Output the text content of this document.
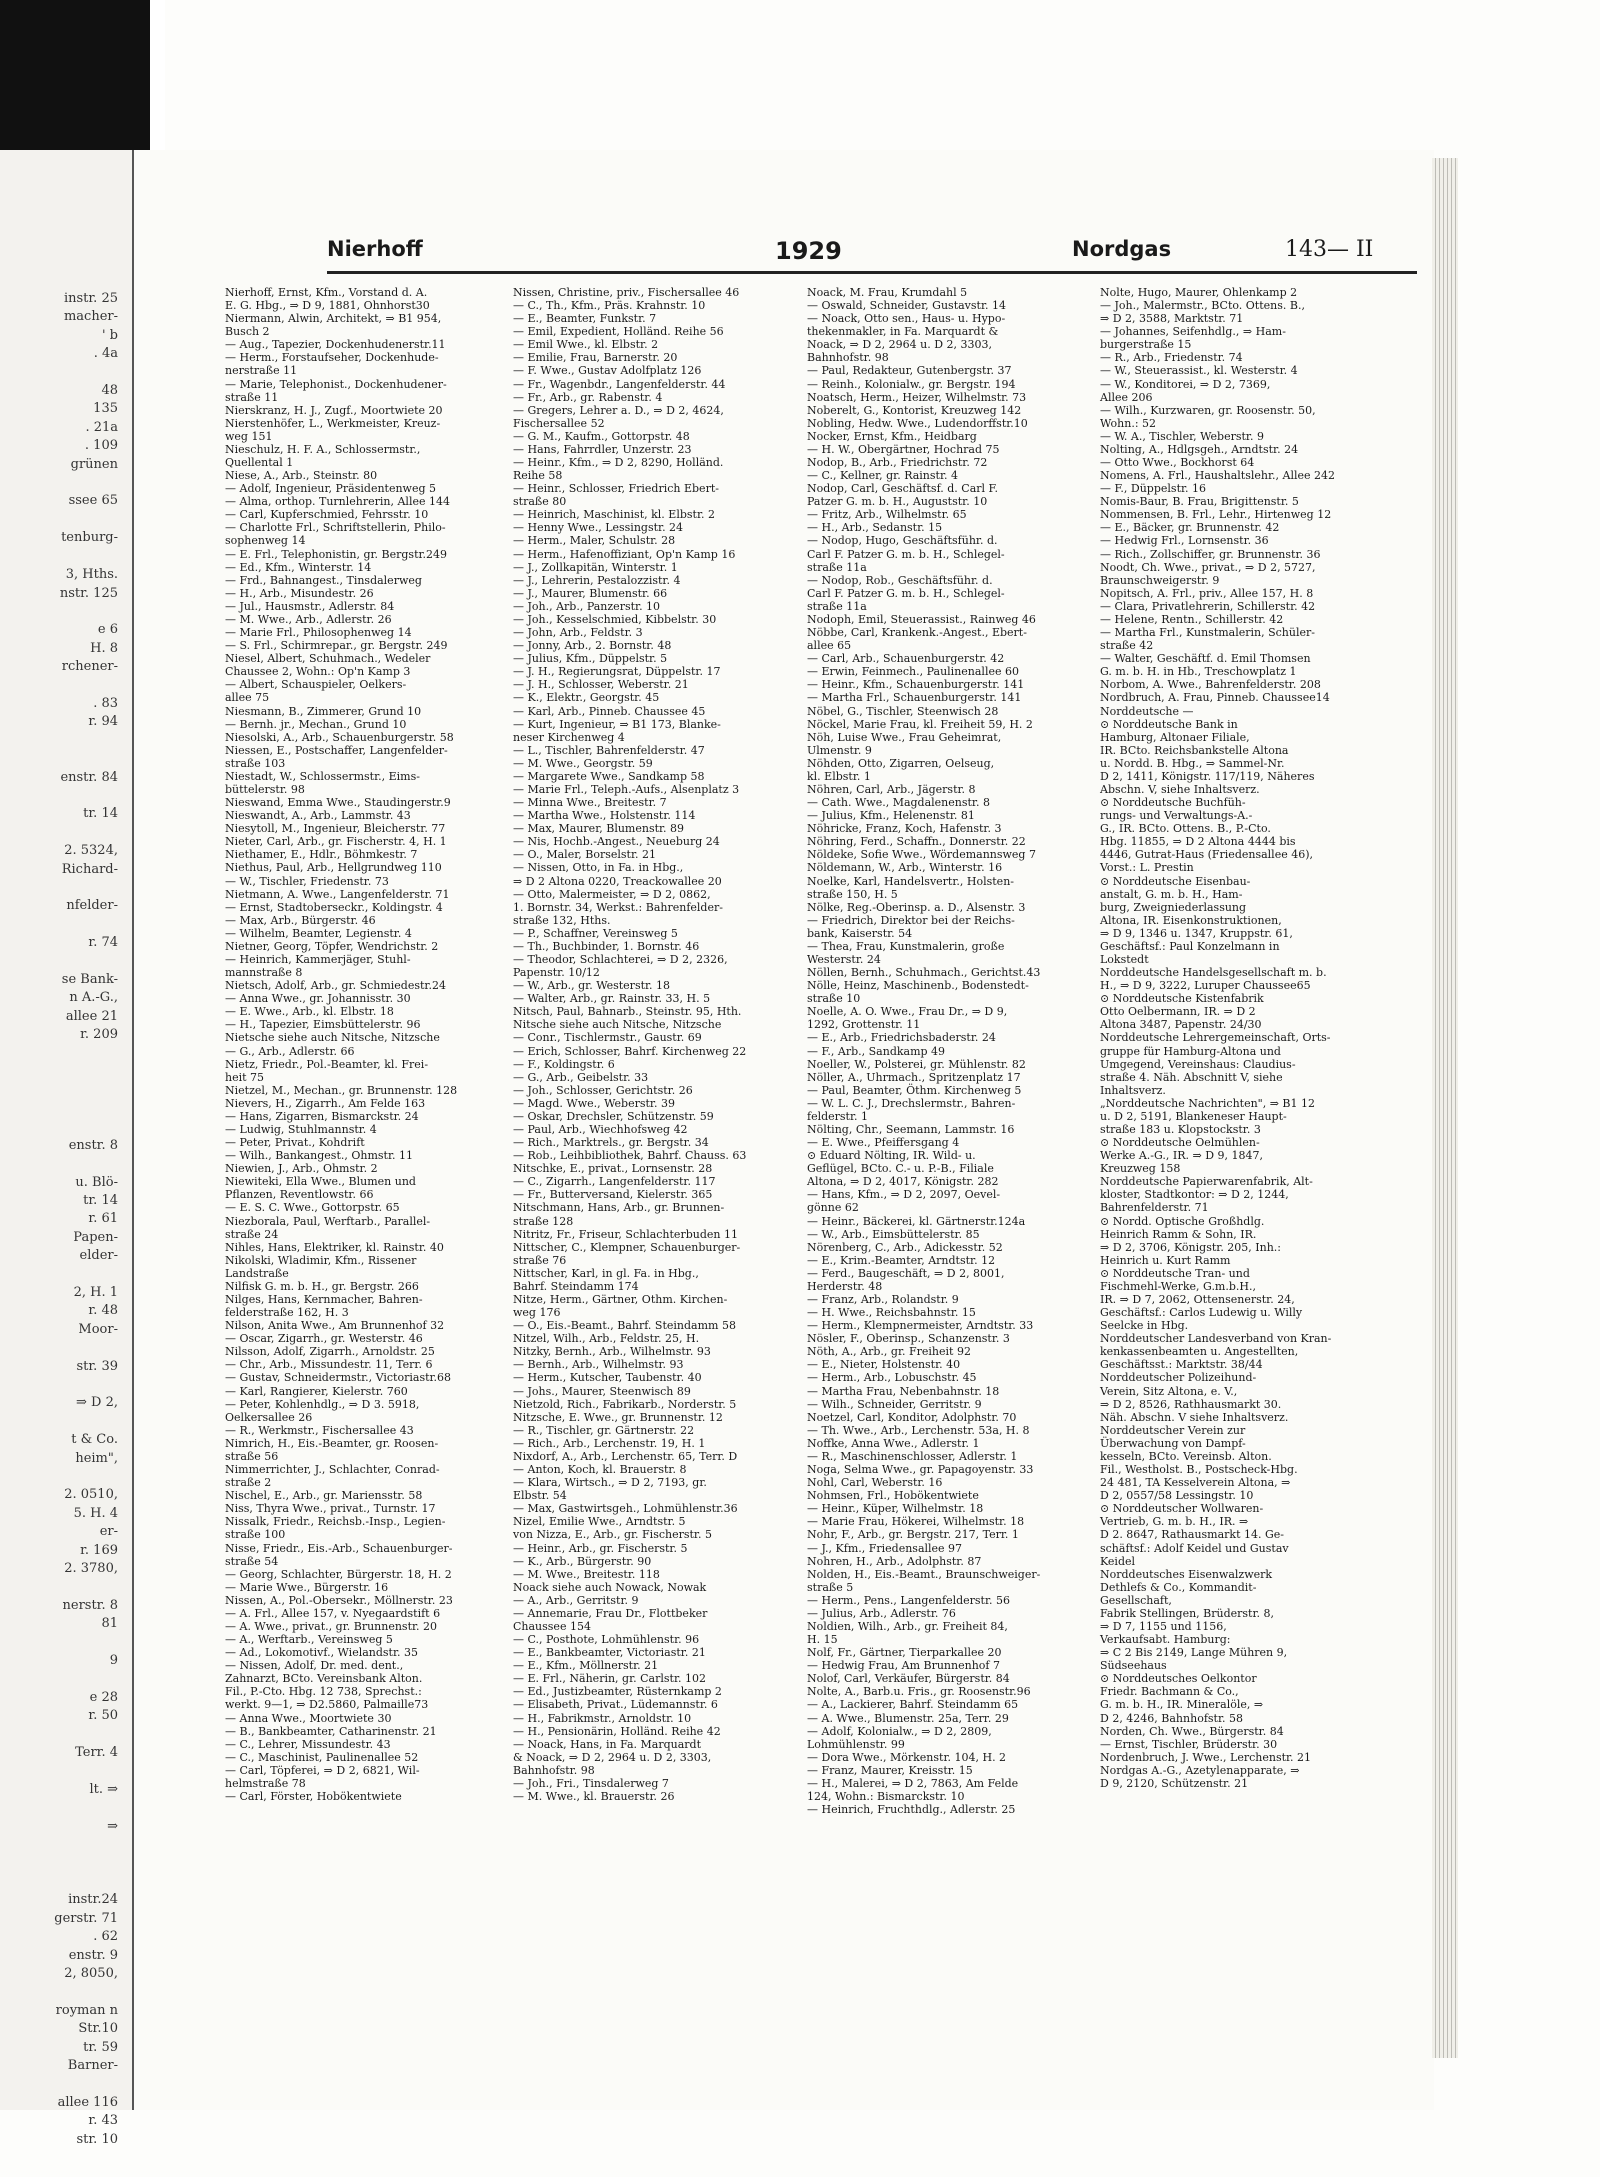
instr. 25
macher-
' b
. 4a

48
135
. 21a
. 109
grünen

ssee 65

tenburg-

3, Hths.
nstr. 125

e 6
H. 8
rchener-

. 83
r. 94

enstr. 84

tr. 14

2. 5324,
Richard-

nfelder-

r. 74

se Bank-
n A.-G.,
allee 21
r. 209

enstr. 8

u. Blö-
tr. 14
r. 61
Papen-
elder-

2, H. 1
r. 48
Moor-

str. 39

⇒ D 2,

t & Co.
heim",

2. 0510,
5. H. 4
er-
r. 169
2. 3780,

nerstr. 8
81

9

e 28
r. 50

Terr. 4

lt. ⇒

⇒

instr.24
gerstr. 71
. 62
enstr. 9
2, 8050,

royman n
Str.10
tr. 59
Barner-

allee 116
r. 43
str. 10
Nierhoff	1929	Nordgas	143— II
Nierhoff, Ernst, Kfm., Vorstand d. A.
E. G. Hbg., ⇒ D 9, 1881, Ohnhorst30
Niermann, Alwin, Architekt, ⇒ B1 954,
Busch 2
— Aug., Tapezier, Dockenhudenerstr.11
— Herm., Forstaufseher, Dockenhude-
nerstraße 11
— Marie, Telephonist., Dockenhudener-
straße 11
Nierskranz, H. J., Zugf., Moortwiete 20
Nierstenhöfer, L., Werkmeister, Kreuz-
weg 151
Nieschulz, H. F. A., Schlossermstr.,
Quellental 1
Niese, A., Arb., Steinstr. 80
— Adolf, Ingenieur, Präsidentenweg 5
— Alma, orthop. Turnlehrerin, Allee 144
— Carl, Kupferschmied, Fehrsstr. 10
— Charlotte Frl., Schriftstellerin, Philo-
sophenweg 14
— E. Frl., Telephonistin, gr. Bergstr.249
— Ed., Kfm., Winterstr. 14
— Frd., Bahnangest., Tinsdalerweg
— H., Arb., Misundestr. 26
— Jul., Hausmstr., Adlerstr. 84
— M. Wwe., Arb., Adlerstr. 26
— Marie Frl., Philosophenweg 14
— S. Frl., Schirmrepar., gr. Bergstr. 249
Niesel, Albert, Schuhmach., Wedeler
Chaussee 2, Wohn.: Op'n Kamp 3
— Albert, Schauspieler, Oelkers-
allee 75
Niesmann, B., Zimmerer, Grund 10
— Bernh. jr., Mechan., Grund 10
Niesolski, A., Arb., Schauenburgerstr. 58
Niessen, E., Postschaffer, Langenfelder-
straße 103
Niestadt, W., Schlossermstr., Eims-
büttelerstr. 98
Nieswand, Emma Wwe., Staudingerstr.9
Nieswandt, A., Arb., Lammstr. 43
Niesytoll, M., Ingenieur, Bleicherstr. 77
Nieter, Carl, Arb., gr. Fischerstr. 4, H. 1
Niethamer, E., Hdlr., Böhmkestr. 7
Niethus, Paul, Arb., Hellgrundweg 110
— W., Tischler, Friedenstr. 73
Nietmann, A. Wwe., Langenfelderstr. 71
— Ernst, Stadtoberseckr., Koldingstr. 4
— Max, Arb., Bürgerstr. 46
— Wilhelm, Beamter, Legienstr. 4
Nietner, Georg, Töpfer, Wendrichstr. 2
— Heinrich, Kammerjäger, Stuhl-
mannstraße 8
Nietsch, Adolf, Arb., gr. Schmiedestr.24
— Anna Wwe., gr. Johannisstr. 30
— E. Wwe., Arb., kl. Elbstr. 18
— H., Tapezier, Eimsbüttelerstr. 96
Nietsche siehe auch Nitsche, Nitzsche
— G., Arb., Adlerstr. 66
Nietz, Friedr., Pol.-Beamter, kl. Frei-
heit 75
Nietzel, M., Mechan., gr. Brunnenstr. 128
Nievers, H., Zigarrh., Am Felde 163
— Hans, Zigarren, Bismarckstr. 24
— Ludwig, Stuhlmannstr. 4
— Peter, Privat., Kohdrift
— Wilh., Bankangest., Ohmstr. 11
Niewien, J., Arb., Ohmstr. 2
Niewiteki, Ella Wwe., Blumen und
Pflanzen, Reventlowstr. 66
— E. S. C. Wwe., Gottorpstr. 65
Niezborala, Paul, Werftarb., Parallel-
straße 24
Nihles, Hans, Elektriker, kl. Rainstr. 40
Nikolski, Wladimir, Kfm., Rissener
Landstraße
Nilfisk G. m. b. H., gr. Bergstr. 266
Nilges, Hans, Kernmacher, Bahren-
felderstraße 162, H. 3
Nilson, Anita Wwe., Am Brunnenhof 32
— Oscar, Zigarrh., gr. Westerstr. 46
Nilsson, Adolf, Zigarrh., Arnoldstr. 25
— Chr., Arb., Missundestr. 11, Terr. 6
— Gustav, Schneidermstr., Victoriastr.68
— Karl, Rangierer, Kielerstr. 760
— Peter, Kohlenhdlg., ⇒ D 3. 5918,
Oelkersallee 26
— R., Werkmstr., Fischersallee 43
Nimrich, H., Eis.-Beamter, gr. Roosen-
straße 56
Nimmerrichter, J., Schlachter, Conrad-
straße 2
Nischel, E., Arb., gr. Mariensstr. 58
Niss, Thyra Wwe., privat., Turnstr. 17
Nissalk, Friedr., Reichsb.-Insp., Legien-
straße 100
Nisse, Friedr., Eis.-Arb., Schauenburger-
straße 54
— Georg, Schlachter, Bürgerstr. 18, H. 2
— Marie Wwe., Bürgerstr. 16
Nissen, A., Pol.-Obersekr., Möllnerstr. 23
— A. Frl., Allee 157, v. Nyegaardstift 6
— A. Wwe., privat., gr. Brunnenstr. 20
— A., Werftarb., Vereinsweg 5
— Ad., Lokomotivf., Wielandstr. 35
— Nissen, Adolf, Dr. med. dent.,
Zahnarzt, BCto. Vereinsbank Alton.
Fil., P.-Cto. Hbg. 12 738, Sprechst.:
werkt. 9—1, ⇒ D2.5860, Palmaille73
— Anna Wwe., Moortwiete 30
— B., Bankbeamter, Catharinenstr. 21
— C., Lehrer, Missundestr. 43
— C., Maschinist, Paulinenallee 52
— Carl, Töpferei, ⇒ D 2, 6821, Wil-
helmstraße 78
— Carl, Förster, Hobökentwiete
Nissen, Christine, priv., Fischersallee 46
— C., Th., Kfm., Präs. Krahnstr. 10
— E., Beamter, Funkstr. 7
— Emil, Expedient, Holländ. Reihe 56
— Emil Wwe., kl. Elbstr. 2
— Emilie, Frau, Barnerstr. 20
— F. Wwe., Gustav Adolfplatz 126
— Fr., Wagenbdr., Langenfelderstr. 44
— Fr., Arb., gr. Rabenstr. 4
— Gregers, Lehrer a. D., ⇒ D 2, 4624,
Fischersallee 52
— G. M., Kaufm., Gottorpstr. 48
— Hans, Fahrrdler, Unzerstr. 23
— Heinr., Kfm., ⇒ D 2, 8290, Holländ.
Reihe 58
— Heinr., Schlosser, Friedrich Ebert-
straße 80
— Heinrich, Maschinist, kl. Elbstr. 2
— Henny Wwe., Lessingstr. 24
— Herm., Maler, Schulstr. 28
— Herm., Hafenoffiziant, Op'n Kamp 16
— J., Zollkapitän, Winterstr. 1
— J., Lehrerin, Pestalozzistr. 4
— J., Maurer, Blumenstr. 66
— Joh., Arb., Panzerstr. 10
— Joh., Kesselschmied, Kibbelstr. 30
— John, Arb., Feldstr. 3
— Jonny, Arb., 2. Bornstr. 48
— Julius, Kfm., Düppelstr. 5
— J. H., Regierungsrat, Düppelstr. 17
— J. H., Schlosser, Weberstr. 21
— K., Elektr., Georgstr. 45
— Karl, Arb., Pinneb. Chaussee 45
— Kurt, Ingenieur, ⇒ B1 173, Blanke-
neser Kirchenweg 4
— L., Tischler, Bahrenfelderstr. 47
— M. Wwe., Georgstr. 59
— Margarete Wwe., Sandkamp 58
— Marie Frl., Teleph.-Aufs., Alsenplatz 3
— Minna Wwe., Breitestr. 7
— Martha Wwe., Holstenstr. 114
— Max, Maurer, Blumenstr. 89
— Nis, Hochb.-Angest., Neueburg 24
— O., Maler, Borselstr. 21
— Nissen, Otto, in Fa. in Hbg.,
⇒ D 2 Altona 0220, Treackowallee 20
— Otto, Malermeister, ⇒ D 2, 0862,
1. Bornstr. 34, Werkst.: Bahrenfelder-
straße 132, Hths.
— P., Schaffner, Vereinsweg 5
— Th., Buchbinder, 1. Bornstr. 46
— Theodor, Schlachterei, ⇒ D 2, 2326,
Papenstr. 10/12
— W., Arb., gr. Westerstr. 18
— Walter, Arb., gr. Rainstr. 33, H. 5
Nitsch, Paul, Bahnarb., Steinstr. 95, Hth.
Nitsche siehe auch Nitsche, Nitzsche
— Conr., Tischlermstr., Gaustr. 69
— Erich, Schlosser, Bahrf. Kirchenweg 22
— F., Koldingstr. 6
— G., Arb., Geibelstr. 33
— Joh., Schlosser, Gerichtstr. 26
— Magd. Wwe., Weberstr. 39
— Oskar, Drechsler, Schützenstr. 59
— Paul, Arb., Wiechhofsweg 42
— Rich., Marktrels., gr. Bergstr. 34
— Rob., Leihbibliothek, Bahrf. Chauss. 63
Nitschke, E., privat., Lornsenstr. 28
— C., Zigarrh., Langenfelderstr. 117
— Fr., Butterversand, Kielerstr. 365
Nitschmann, Hans, Arb., gr. Brunnen-
straße 128
Nitritz, Fr., Friseur, Schlachterbuden 11
Nittscher, C., Klempner, Schauenburger-
straße 76
Nittscher, Karl, in gl. Fa. in Hbg.,
Bahrf. Steindamm 174
Nitze, Herm., Gärtner, Othm. Kirchen-
weg 176
— O., Eis.-Beamt., Bahrf. Steindamm 58
Nitzel, Wilh., Arb., Feldstr. 25, H.
Nitzky, Bernh., Arb., Wilhelmstr. 93
— Bernh., Arb., Wilhelmstr. 93
— Herm., Kutscher, Taubenstr. 40
— Johs., Maurer, Steenwisch 89
Nietzold, Rich., Fabrikarb., Norderstr. 5
Nitzsche, E. Wwe., gr. Brunnenstr. 12
— R., Tischler, gr. Gärtnerstr. 22
— Rich., Arb., Lerchenstr. 19, H. 1
Nixdorf, A., Arb., Lerchenstr. 65, Terr. D
— Anton, Koch, kl. Brauerstr. 8
— Klara, Wirtsch., ⇒ D 2, 7193, gr.
Elbstr. 54
— Max, Gastwirtsgeh., Lohmühlenstr.36
Nizel, Emilie Wwe., Arndtstr. 5
von Nizza, E., Arb., gr. Fischerstr. 5
— Heinr., Arb., gr. Fischerstr. 5
— K., Arb., Bürgerstr. 90
— M. Wwe., Breitestr. 118
Noack siehe auch Nowack, Nowak
— A., Arb., Gerritstr. 9
— Annemarie, Frau Dr., Flottbeker
Chaussee 154
— C., Posthote, Lohmühlenstr. 96
— E., Bankbeamter, Victoriastr. 21
— E., Kfm., Möllnerstr. 21
— E. Frl., Näherin, gr. Carlstr. 102
— Ed., Justizbeamter, Rüsternkamp 2
— Elisabeth, Privat., Lüdemannstr. 6
— H., Fabrikmstr., Arnoldstr. 10
— H., Pensionärin, Holländ. Reihe 42
— Noack, Hans, in Fa. Marquardt
& Noack, ⇒ D 2, 2964 u. D 2, 3303,
Bahnhofstr. 98
— Joh., Fri., Tinsdalerweg 7
— M. Wwe., kl. Brauerstr. 26
Noack, M. Frau, Krumdahl 5
— Oswald, Schneider, Gustavstr. 14
— Noack, Otto sen., Haus- u. Hypo-
thekenmakler, in Fa. Marquardt &
Noack, ⇒ D 2, 2964 u. D 2, 3303,
Bahnhofstr. 98
— Paul, Redakteur, Gutenbergstr. 37
— Reinh., Kolonialw., gr. Bergstr. 194
Noatsch, Herm., Heizer, Wilhelmstr. 73
Noberelt, G., Kontorist, Kreuzweg 142
Nobling, Hedw. Wwe., Ludendorffstr.10
Nocker, Ernst, Kfm., Heidbarg
— H. W., Obergärtner, Hochrad 75
Nodop, B., Arb., Friedrichstr. 72
— C., Kellner, gr. Rainstr. 4
Nodop, Carl, Geschäftsf. d. Carl F.
Patzer G. m. b. H., Auguststr. 10
— Fritz, Arb., Wilhelmstr. 65
— H., Arb., Sedanstr. 15
— Nodop, Hugo, Geschäftsführ. d.
Carl F. Patzer G. m. b. H., Schlegel-
straße 11a
— Nodop, Rob., Geschäftsführ. d.
Carl F. Patzer G. m. b. H., Schlegel-
straße 11a
Nodoph, Emil, Steuerassist., Rainweg 46
Nöbbe, Carl, Krankenk.-Angest., Ebert-
allee 65
— Carl, Arb., Schauenburgerstr. 42
— Erwin, Feinmech., Paulinenallee 60
— Heinr., Kfm., Schauenburgerstr. 141
— Martha Frl., Schauenburgerstr. 141
Nöbel, G., Tischler, Steenwisch 28
Nöckel, Marie Frau, kl. Freiheit 59, H. 2
Nöh, Luise Wwe., Frau Geheimrat,
Ulmenstr. 9
Nöhden, Otto, Zigarren, Oelseug,
kl. Elbstr. 1
Nöhren, Carl, Arb., Jägerstr. 8
— Cath. Wwe., Magdalenenstr. 8
— Julius, Kfm., Helenenstr. 81
Nöhricke, Franz, Koch, Hafenstr. 3
Nöhring, Ferd., Schaffn., Donnerstr. 22
Nöldeke, Sofie Wwe., Wördemannsweg 7
Nöldemann, W., Arb., Winterstr. 16
Noelke, Karl, Handelsvertr., Holsten-
straße 150, H. 5
Nölke, Reg.-Oberinsp. a. D., Alsenstr. 3
— Friedrich, Direktor bei der Reichs-
bank, Kaiserstr. 54
— Thea, Frau, Kunstmalerin, große
Westerstr. 24
Nöllen, Bernh., Schuhmach., Gerichtst.43
Nölle, Heinz, Maschinenb., Bodenstedt-
straße 10
Noelle, A. O. Wwe., Frau Dr., ⇒ D 9,
1292, Grottenstr. 11
— E., Arb., Friedrichsbaderstr. 24
— F., Arb., Sandkamp 49
Noeller, W., Polsterei, gr. Mühlenstr. 82
Nöller, A., Uhrmach., Spritzenplatz 17
— Paul, Beamter, Öthm. Kirchenweg 5
— W. L. C. J., Drechslermstr., Bahren-
felderstr. 1
Nölting, Chr., Seemann, Lammstr. 16
— E. Wwe., Pfeiffersgang 4
⊙ Eduard Nölting, IR. Wild- u.
Geflügel, BCto. C.- u. P.-B., Filiale
Altona, ⇒ D 2, 4017, Königstr. 282
— Hans, Kfm., ⇒ D 2, 2097, Oevel-
gönne 62
— Heinr., Bäckerei, kl. Gärtnerstr.124a
— W., Arb., Eimsbüttelerstr. 85
Nörenberg, C., Arb., Adickesstr. 52
— E., Krim.-Beamter, Arndtstr. 12
— Ferd., Baugeschäft, ⇒ D 2, 8001,
Herderstr. 48
— Franz, Arb., Rolandstr. 9
— H. Wwe., Reichsbahnstr. 15
— Herm., Klempnermeister, Arndtstr. 33
Nösler, F., Oberinsp., Schanzenstr. 3
Nöth, A., Arb., gr. Freiheit 92
— E., Nieter, Holstenstr. 40
— Herm., Arb., Lobuschstr. 45
— Martha Frau, Nebenbahnstr. 18
— Wilh., Schneider, Gerritstr. 9
Noetzel, Carl, Konditor, Adolphstr. 70
— Th. Wwe., Arb., Lerchenstr. 53a, H. 8
Noffke, Anna Wwe., Adlerstr. 1
— R., Maschinenschlosser, Adlerstr. 1
Noga, Selma Wwe., gr. Papagoyenstr. 33
Nohl, Carl, Weberstr. 16
Nohmsen, Frl., Hobökentwiete
— Heinr., Küper, Wilhelmstr. 18
— Marie Frau, Hökerei, Wilhelmstr. 18
Nohr, F., Arb., gr. Bergstr. 217, Terr. 1
— J., Kfm., Friedensallee 97
Nohren, H., Arb., Adolphstr. 87
Nolden, H., Eis.-Beamt., Braunschweiger-
straße 5
— Herm., Pens., Langenfelderstr. 56
— Julius, Arb., Adlerstr. 76
Noldien, Wilh., Arb., gr. Freiheit 84,
H. 15
Nolf, Fr., Gärtner, Tierparkallee 20
— Hedwig Frau, Am Brunnenhof 7
Nolof, Carl, Verkäufer, Bürgerstr. 84
Nolte, A., Barb.u. Fris., gr. Roosenstr.96
— A., Lackierer, Bahrf. Steindamm 65
— A. Wwe., Blumenstr. 25a, Terr. 29
— Adolf, Kolonialw., ⇒ D 2, 2809,
Lohmühlenstr. 99
— Dora Wwe., Mörkenstr. 104, H. 2
— Franz, Maurer, Kreisstr. 15
— H., Malerei, ⇒ D 2, 7863, Am Felde
124, Wohn.: Bismarckstr. 10
— Heinrich, Fruchthdlg., Adlerstr. 25
Nolte, Hugo, Maurer, Ohlenkamp 2
— Joh., Malermstr., BCto. Ottens. B.,
⇒ D 2, 3588, Marktstr. 71
— Johannes, Seifenhdlg., ⇒ Ham-
burgerstraße 15
— R., Arb., Friedenstr. 74
— W., Steuerassist., kl. Westerstr. 4
— W., Konditorei, ⇒ D 2, 7369,
Allee 206
— Wilh., Kurzwaren, gr. Roosenstr. 50,
Wohn.: 52
— W. A., Tischler, Weberstr. 9
Nolting, A., Hdlgsgeh., Arndtstr. 24
— Otto Wwe., Bockhorst 64
Nomens, A. Frl., Haushaltslehr., Allee 242
— F., Düppelstr. 16
Nomis-Baur, B. Frau, Brigittenstr. 5
Nommensen, B. Frl., Lehr., Hirtenweg 12
— E., Bäcker, gr. Brunnenstr. 42
— Hedwig Frl., Lornsenstr. 36
— Rich., Zollschiffer, gr. Brunnenstr. 36
Noodt, Ch. Wwe., privat., ⇒ D 2, 5727,
Braunschweigerstr. 9
Nopitsch, A. Frl., priv., Allee 157, H. 8
— Clara, Privatlehrerin, Schillerstr. 42
— Helene, Rentn., Schillerstr. 42
— Martha Frl., Kunstmalerin, Schüler-
straße 42
— Walter, Geschäftf. d. Emil Thomsen
G. m. b. H. in Hb., Treschowplatz 1
Norbom, A. Wwe., Bahrenfelderstr. 208
Nordbruch, A. Frau, Pinneb. Chaussee14
Norddeutsche —
⊙ Norddeutsche Bank in
Hamburg, Altonaer Filiale,
IR. BCto. Reichsbankstelle Altona
u. Nordd. B. Hbg., ⇒ Sammel-Nr.
D 2, 1411, Königstr. 117/119, Näheres
Abschn. V, siehe Inhaltsverz.
⊙ Norddeutsche Buchfüh-
rungs- und Verwaltungs-A.-
G., IR. BCto. Ottens. B., P.-Cto.
Hbg. 11855, ⇒ D 2 Altona 4444 bis
4446, Gutrat-Haus (Friedensallee 46),
Vorst.: L. Prestin
⊙ Norddeutsche Eisenbau-
anstalt, G. m. b. H., Ham-
burg, Zweigniederlassung
Altona, IR. Eisenkonstruktionen,
⇒ D 9, 1346 u. 1347, Kruppstr. 61,
Geschäftsf.: Paul Konzelmann in
Lokstedt
Norddeutsche Handelsgesellschaft m. b.
H., ⇒ D 9, 3222, Luruper Chaussee65
⊙ Norddeutsche Kistenfabrik
Otto Oelbermann, IR. ⇒ D 2
Altona 3487, Papenstr. 24/30
Norddeutsche Lehrergemeinschaft, Orts-
gruppe für Hamburg-Altona und
Umgegend, Vereinshaus: Claudius-
straße 4. Näh. Abschnitt V, siehe
Inhaltsverz.
„Norddeutsche Nachrichten", ⇒ B1 12
u. D 2, 5191, Blankeneser Haupt-
straße 183 u. Klopstockstr. 3
⊙ Norddeutsche Oelmühlen-
Werke A.-G., IR. ⇒ D 9, 1847,
Kreuzweg 158
Norddeutsche Papierwarenfabrik, Alt-
kloster, Stadtkontor: ⇒ D 2, 1244,
Bahrenfelderstr. 71
⊙ Nordd. Optische Großhdlg.
Heinrich Ramm & Sohn, IR.
⇒ D 2, 3706, Königstr. 205, Inh.:
Heinrich u. Kurt Ramm
⊙ Norddeutsche Tran- und
Fischmehl-Werke, G.m.b.H.,
IR. ⇒ D 7, 2062, Ottensenerstr. 24,
Geschäftsf.: Carlos Ludewig u. Willy
Seelcke in Hbg.
Norddeutscher Landesverband von Kran-
kenkassenbeamten u. Angestellten,
Geschäftsst.: Marktstr. 38/44
Norddeutscher Polizeihund-
Verein, Sitz Altona, e. V.,
⇒ D 2, 8526, Rathhausmarkt 30.
Näh. Abschn. V siehe Inhaltsverz.
Norddeutscher Verein zur
Überwachung von Dampf-
kesseln, BCto. Vereinsb. Alton.
Fil., Westholst. B., Postscheck-Hbg.
24 481, TA Kesselverein Altona, ⇒
D 2, 0557/58 Lessingstr. 10
⊙ Norddeutscher Wollwaren-
Vertrieb, G. m. b. H., IR. ⇒
D 2. 8647, Rathausmarkt 14. Ge-
schäftsf.: Adolf Keidel und Gustav
Keidel
Norddeutsches Eisenwalzwerk
Dethlefs & Co., Kommandit-
Gesellschaft,
Fabrik Stellingen, Brüderstr. 8,
⇒ D 7, 1155 und 1156,
Verkaufsabt. Hamburg:
⇒ C 2 Bis 2149, Lange Mühren 9,
Südseehaus
⊙ Norddeutsches Oelkontor
Friedr. Bachmann & Co.,
G. m. b. H., IR. Mineralöle, ⇒
D 2, 4246, Bahnhofstr. 58
Norden, Ch. Wwe., Bürgerstr. 84
— Ernst, Tischler, Brüderstr. 30
Nordenbruch, J. Wwe., Lerchenstr. 21
Nordgas A.-G., Azetylenapparate, ⇒
D 9, 2120, Schützenstr. 21
